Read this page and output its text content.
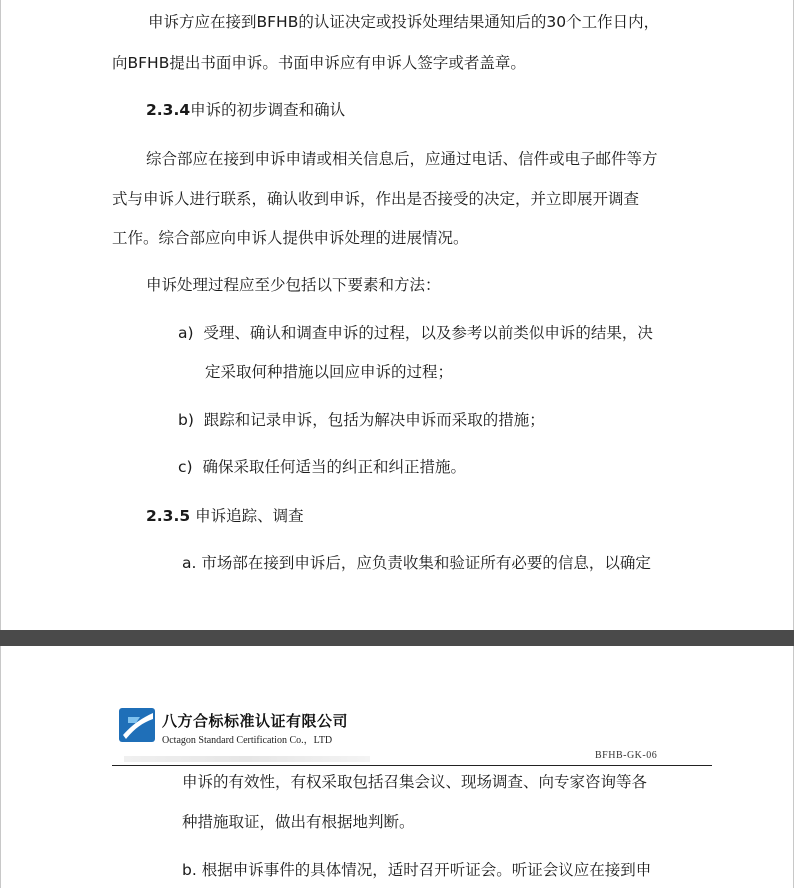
申诉方应在接到BFHB的认证决定或投诉处理结果通知后的30个工作日内，
向BFHB提出书面申诉。书面申诉应有申诉人签字或者盖章。
2.3.4申诉的初步调查和确认
综合部应在接到申诉申请或相关信息后，应通过电话、信件或电子邮件等方
式与申诉人进行联系，确认收到申诉，作出是否接受的决定，并立即展开调查
工作。综合部应向申诉人提供申诉处理的进展情况。
申诉处理过程应至少包括以下要素和方法：
a) 受理、确认和调查申诉的过程，以及参考以前类似申诉的结果，决
定采取何种措施以回应申诉的过程；
b) 跟踪和记录申诉，包括为解决申诉而采取的措施；
c) 确保采取任何适当的纠正和纠正措施。
2.3.5 申诉追踪、调查
a. 市场部在接到申诉后，应负责收集和验证所有必要的信息，以确定
八方合标标准认证有限公司
Octagon Standard Certification Co.，LTD
BFHB-GK-06
申诉的有效性，有权采取包括召集会议、现场调查、向专家咨询等各
种措施取证，做出有根据地判断。
b. 根据申诉事件的具体情况，适时召开听证会。听证会议应在接到申
